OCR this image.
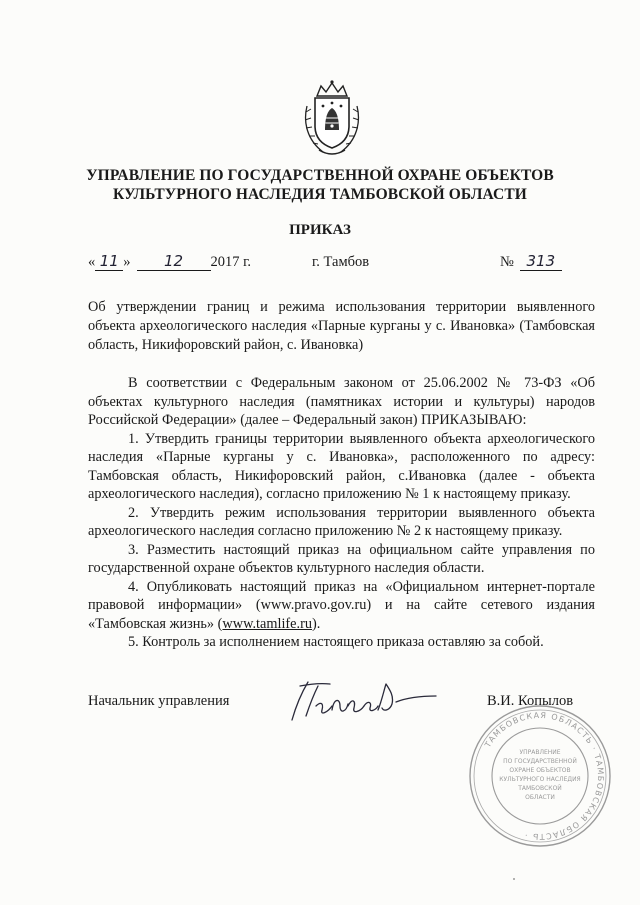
УПРАВЛЕНИЕ ПО ГОСУДАРСТВЕННОЙ ОХРАНЕ ОБЪЕКТОВ
КУЛЬТУРНОГО НАСЛЕДИЯ ТАМБОВСКОЙ ОБЛАСТИ
ПРИКАЗ
« 11 » 12 2017 г.	г. Тамбов	№ 313
Об утверждении границ и режима использования территории выявленного объекта археологического наследия «Парные курганы у с. Ивановка» (Тамбовская область, Никифоровский район, с. Ивановка)

В соответствии с Федеральным законом от 25.06.2002 № 73-ФЗ «Об объектах культурного наследия (памятниках истории и культуры) народов Российской Федерации» (далее – Федеральный закон) ПРИКАЗЫВАЮ:

1. Утвердить границы территории выявленного объекта археологического наследия «Парные курганы у с. Ивановка», расположенного по адресу: Тамбовская область, Никифоровский район, с.Ивановка (далее - объекта археологического наследия), согласно приложению № 1 к настоящему приказу.

2. Утвердить режим использования территории выявленного объекта археологического наследия согласно приложению № 2 к настоящему приказу.

3. Разместить настоящий приказ на официальном сайте управления по государственной охране объектов культурного наследия области.

4. Опубликовать настоящий приказ на «Официальном интернет-портале правовой информации» (www.pravo.gov.ru) и на сайте сетевого издания «Тамбовская жизнь» (www.tamlife.ru).

5. Контроль за исполнением настоящего приказа оставляю за собой.

Начальник управления	В.И. Копылов
ТАМБОВСКАЯ ОБЛАСТЬ · ТАМБОВСКАЯ ОБЛАСТЬ ·
УПРАВЛЕНИЕ
ПО ГОСУДАРСТВЕННОЙ
ОХРАНЕ ОБЪЕКТОВ
КУЛЬТУРНОГО НАСЛЕДИЯ
ТАМБОВСКОЙ
ОБЛАСТИ
